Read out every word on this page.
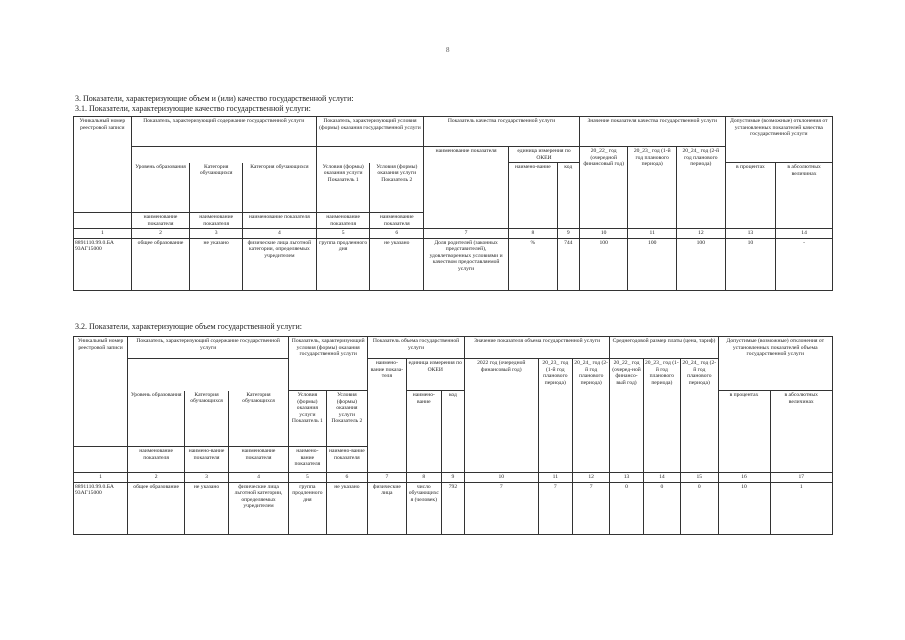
8
3. Показатели, характеризующие объем и (или) качество государственной услуги:
3.1. Показатели, характеризующие качество государственной услуги:
Уникальный номер реестровой записи	Показатель, характеризующий содержание государственной услуги			Показатель, характеризующий условия (формы) оказания государственной услуги		Показатель качества государственной услуги			Значение показателя качества государственной услуги			Допустимые (возможные) отклонения от установленных показателей качества государственной услуги	
						наименование показателя	единица измерения по ОКЕИ		20_22_ год (очередной финансовый год)	20_23_ год (1-й год планового периода)	20_24_ год (2-й год планового периода)		
	Уровень образования	Категория обучающихся	Категория обучающихся	Условия (формы) оказания услуги Показатель 1	Условия (формы) оказания услуги Показатель 2		наимено-вание	код				в процентах	в абсолютных величинах
	наименование показателя	наименование показателя	наименование показателя	наименование показателя	наименование показателя								
1	2	3	4	5	6	7	8	9	10	11	12	13	14
8891110.99.0.БА 93АГ15000	общее образование	не указано	физические лица льготной категории, определяемых учредителем	группа продленного дня	не указано	Доля родителей (законных представителей), удовлетворенных условиями и качеством предоставляемой услуги	%	744	100	100	100	10	-
3.2. Показатели, характеризующие объем государственной услуги:
Уникальный номер реестровой записи	Показатель, характеризующий содержание государственной услуги			Показатель, характеризующий условия (формы) оказания государственной услуги		Показатель объема государственной услуги			Значение показателя объема государственной услуги			Среднегодовой размер платы (цена, тариф)			Допустимые (возможные) отклонения от установленных показателей объема государственной услуги	
						наимено-вание показа-теля	единица измерения по ОКЕИ		2022 год (очередной финансовый год)	20_23_ год (1-й год планового периода)	20_24_ год (2-й год планового периода)	20_22_ год (очеред-ной финансо-вый год)	20_23_ год (1-й год планового периода)	20_24_ год (2-й год планового периода)		
	Уровень образования	Категория обучающихся	Категория обучающихся	Условия (формы) оказания услуги Показатель 1	Условия (формы) оказания услуги Показатель 2		наимено-вание	код							в процентах	в абсолютных величинах
	наименование показателя	наимено-вание показателя	наименование показателя	наимено-вание показателя	наимено-вание показателя											
1	2	3	4	5	6	7	8	9	10	11	12	13	14	15	16	17
8891110.99.0.БА 93АГ15000	общее образование	не указано	физические лица льготной категории, определяемых учредителем	группа продленного дня	не указано	физические лица	число обучающихся (человек)	792	7	7	7	0	0	0	10	1
